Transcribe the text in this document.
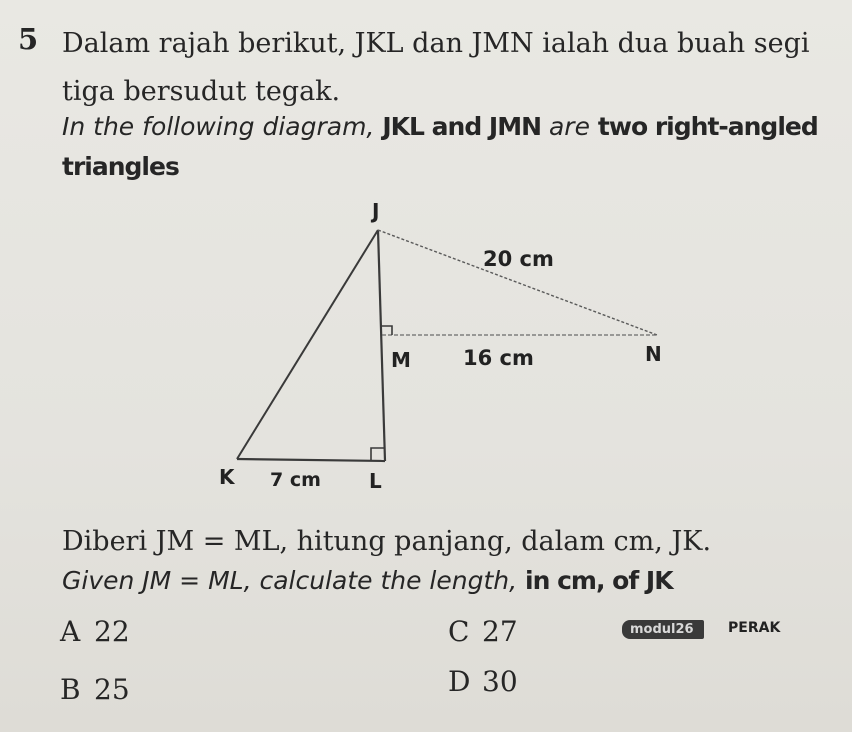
5 Dalam rajah berikut, JKL dan JMN ialah dua buah segi
tiga bersudut tegak.
In the following diagram, JKL and JMN are two right-angled
triangles
J
M	N
K	L
20 cm
16 cm
7 cm
Diberi JM = ML, hitung panjang, dalam cm, JK.
Given JM = ML, calculate the length, in cm, of JK
A 22
B 25
C 27
D 30
modul26	PERAK
